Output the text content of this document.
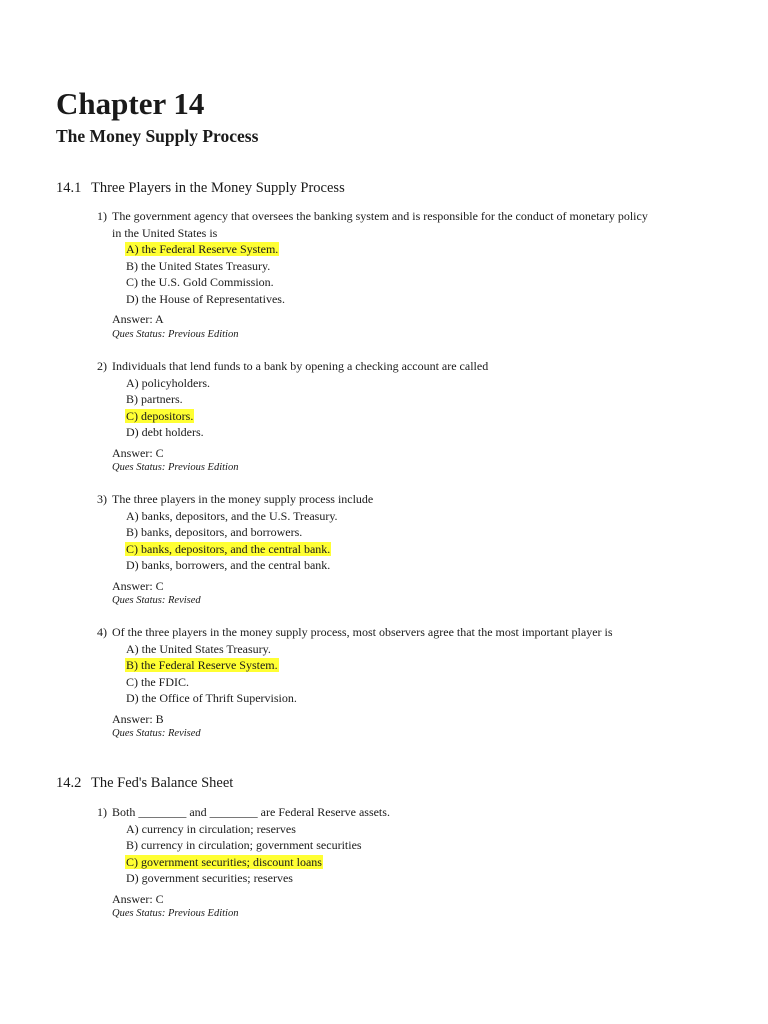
Chapter 14
The Money Supply Process

14.1 Three Players in the Money Supply Process

1) The government agency that oversees the banking system and is responsible for the conduct of monetary policy in the United States is
A) the Federal Reserve System.
B) the United States Treasury.
C) the U.S. Gold Commission.
D) the House of Representatives.
Answer: A
Ques Status: Previous Edition
2) Individuals that lend funds to a bank by opening a checking account are called
A) policyholders.
B) partners.
C) depositors.
D) debt holders.
Answer: C
Ques Status: Previous Edition
3) The three players in the money supply process include
A) banks, depositors, and the U.S. Treasury.
B) banks, depositors, and borrowers.
C) banks, depositors, and the central bank.
D) banks, borrowers, and the central bank.
Answer: C
Ques Status: Revised
4) Of the three players in the money supply process, most observers agree that the most important player is
A) the United States Treasury.
B) the Federal Reserve System.
C) the FDIC.
D) the Office of Thrift Supervision.
Answer: B
Ques Status: Revised

14.2 The Fed's Balance Sheet

1) Both ________ and ________ are Federal Reserve assets.
A) currency in circulation; reserves
B) currency in circulation; government securities
C) government securities; discount loans
D) government securities; reserves
Answer: C
Ques Status: Previous Edition
